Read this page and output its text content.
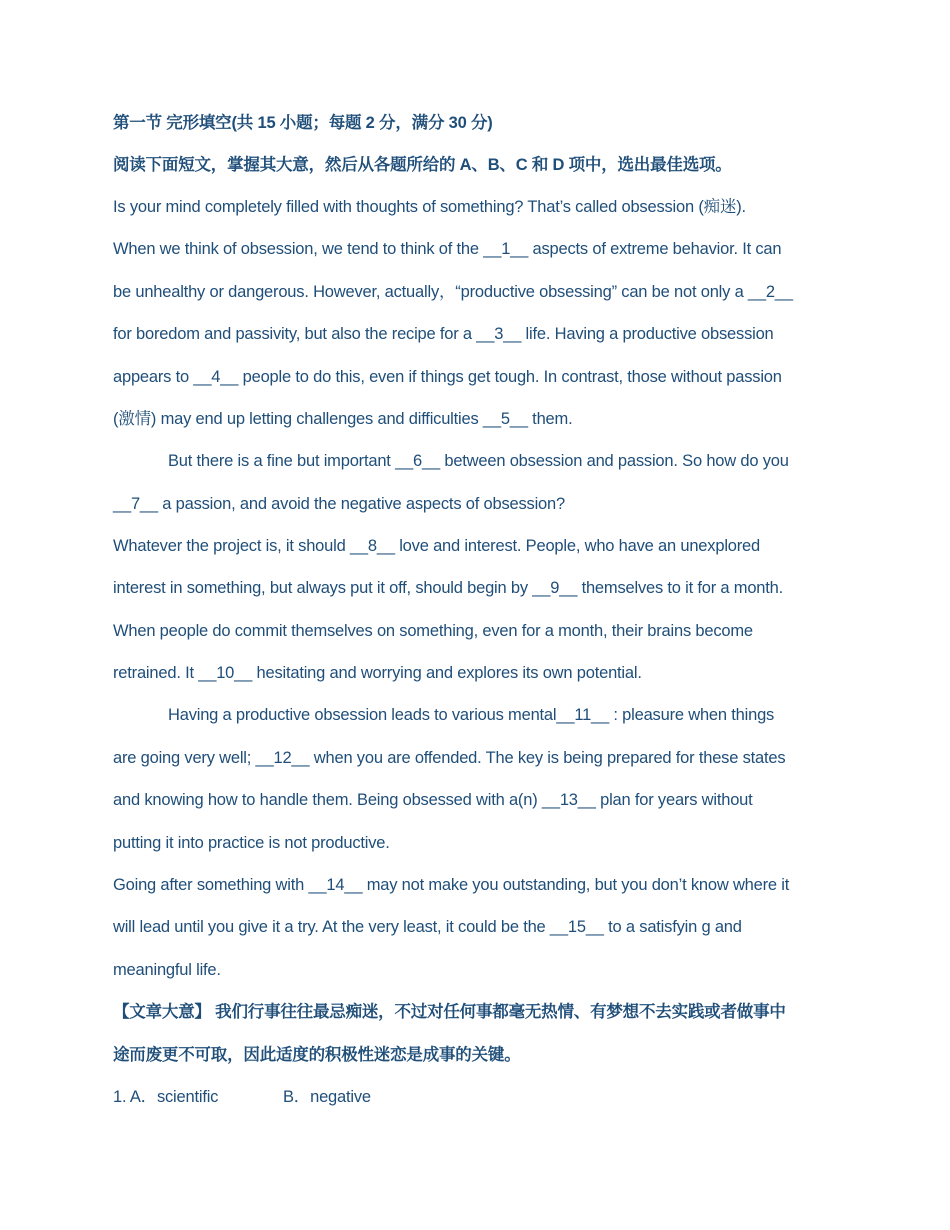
第一节 完形填空(共 15 小题；每题 2 分，满分 30 分)
阅读下面短文，掌握其大意，然后从各题所给的 A、B、C 和 D 项中，选出最佳选项。
Is your mind completely filled with thoughts of something? That’s called obsession (痴迷).
When we think of obsession, we tend to think of the __1__ aspects of extreme behavior. It can
be unhealthy or dangerous. However, actually，“productive obsessing” can be not only a __2__
for boredom and passivity, but also the recipe for a __3__ life. Having a productive obsession
appears to __4__ people to do this, even if things get tough. In contrast, those without passion
(激情) may end up letting challenges and difficulties __5__ them.
But there is a fine but important __6__ between obsession and passion. So how do you
__7__ a passion, and avoid the negative aspects of obsession?
Whatever the project is, it should __8__ love and interest. People, who have an unexplored
interest in something, but always put it off, should begin by __9__ themselves to it for a month.
When people do commit themselves on something, even for a month, their brains become
retrained. It __10__ hesitating and worrying and explores its own potential.
Having a productive obsession leads to various mental__11__ : pleasure when things
are going very well; __12__ when you are offended. The key is being prepared for these states
and knowing how to handle them. Being obsessed with a(n) __13__ plan for years without
putting it into practice is not productive.
Going after something with __14__ may not make you outstanding, but you don’t know where it
will lead until you give it a try. At the very least, it could be the __15__ to a satisfyin g and
meaningful life.
【文章大意】 我们行事往往最忌痴迷，不过对任何事都毫无热情、有梦想不去实践或者做事中
途而废更不可取，因此适度的积极性迷恋是成事的关键。
1. A．scientific	B．negative
